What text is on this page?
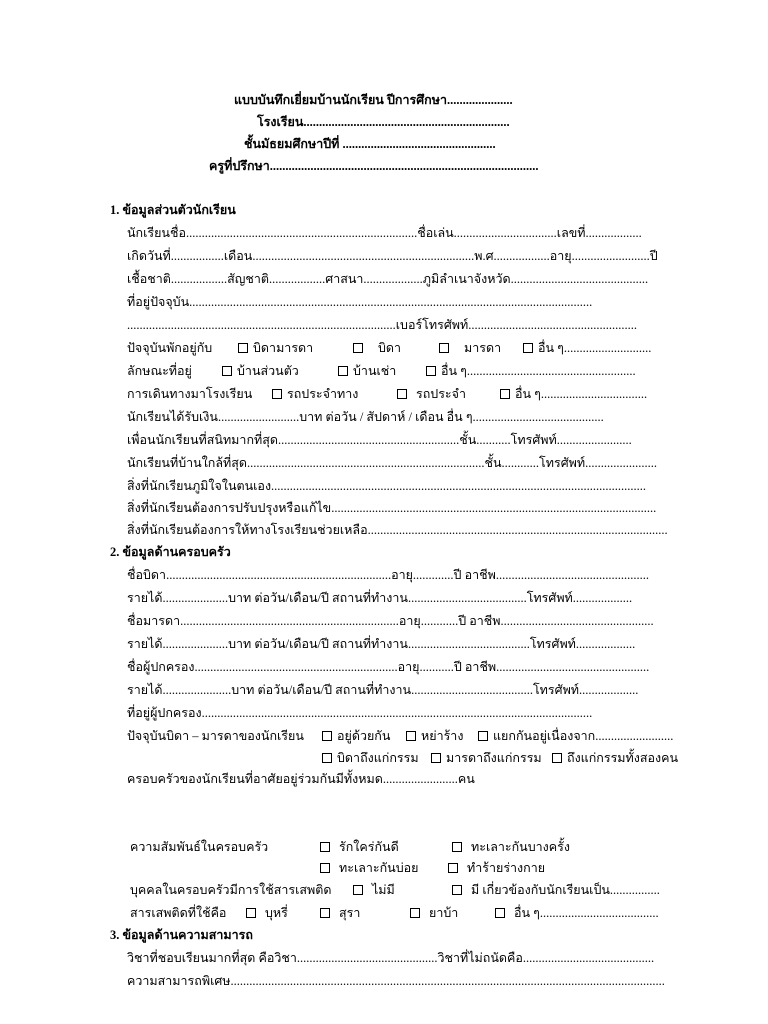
แบบบันทึกเยี่ยมบ้านนักเรียน ปีการศึกษา.....................
โรงเรียน..................................................................
ชั้นมัธยมศึกษาปีที่ .................................................
ครูที่ปรึกษา......................................................................................
1. ข้อมูลส่วนตัวนักเรียน
นักเรียนชื่อ..........................................................................ชื่อเล่น.................................เลขที่..................
เกิดวันที่.................เดือน.......................................................................พ.ศ..................อายุ.........................ปี
เชื้อชาติ..................สัญชาติ..................ศาสนา...................ภูมิลำเนาจังหวัด............................................
ที่อยู่ปัจจุบัน.................................................................................................................................
......................................................................................เบอร์โทรศัพท์......................................................
ปัจจุบันพักอยู่กับ	บิดามารดา	บิดา	มารดา	อื่น ๆ............................
ลักษณะที่อยู่	บ้านส่วนตัว	บ้านเช่า	อื่น ๆ......................................................
การเดินทางมาโรงเรียน	รถประจำทาง	รถประจำ	อื่น ๆ..................................
นักเรียนได้รับเงิน..........................บาท ต่อวัน / สัปดาห์ / เดือน อื่น ๆ..........................................
เพื่อนนักเรียนที่สนิทมากที่สุด..........................................................ชั้น...........โทรศัพท์........................
นักเรียนที่บ้านใกล้ที่สุด............................................................................ชั้น............โทรศัพท์.......................
สิ่งที่นักเรียนภูมิใจในตนเอง........................................................................................................................
สิ่งที่นักเรียนต้องการปรับปรุงหรือแก้ไข........................................................................................................
สิ่งที่นักเรียนต้องการให้ทางโรงเรียนช่วยเหลือ................................................................................................
2. ข้อมูลด้านครอบครัว
ชื่อบิดา........................................................................อายุ.............ปี อาชีพ.................................................
รายได้.....................บาท ต่อวัน/เดือน/ปี สถานที่ทำงาน......................................โทรศัพท์...................
ชื่อมารดา......................................................................อายุ............ปี อาชีพ.................................................
รายได้.....................บาท ต่อวัน/เดือน/ปี สถานที่ทำงาน.......................................โทรศัพท์...................
ชื่อผู้ปกครอง.................................................................อายุ...........ปี อาชีพ.................................................
รายได้......................บาท ต่อวัน/เดือน/ปี สถานที่ทำงาน.......................................โทรศัพท์...................
ที่อยู่ผู้ปกครอง.............................................................................................................................
ปัจจุบันบิดา – มารดาของนักเรียน	อยู่ด้วยกัน	หย่าร้าง	แยกกันอยู่เนื่องจาก.........................
บิดาถึงแก่กรรม	มารดาถึงแก่กรรม	ถึงแก่กรรมทั้งสองคน
ครอบครัวของนักเรียนที่อาศัยอยู่ร่วมกันมีทั้งหมด........................คน
ความสัมพันธ์ในครอบครัว	รักใคร่กันดี	ทะเลาะกันบางครั้ง
ทะเลาะกันบ่อย	ทำร้ายร่างกาย
บุคคลในครอบครัวมีการใช้สารเสพติด	ไม่มี	มี เกี่ยวข้องกับนักเรียนเป็น................
สารเสพติดที่ใช้คือ	บุหรี่	สุรา	ยาบ้า	อื่น ๆ......................................
3. ข้อมูลด้านความสามารถ
วิชาที่ชอบเรียนมากที่สุด คือวิชา.............................................วิชาที่ไม่ถนัดคือ..........................................
ความสามารถพิเศษ...........................................................................................................................................
